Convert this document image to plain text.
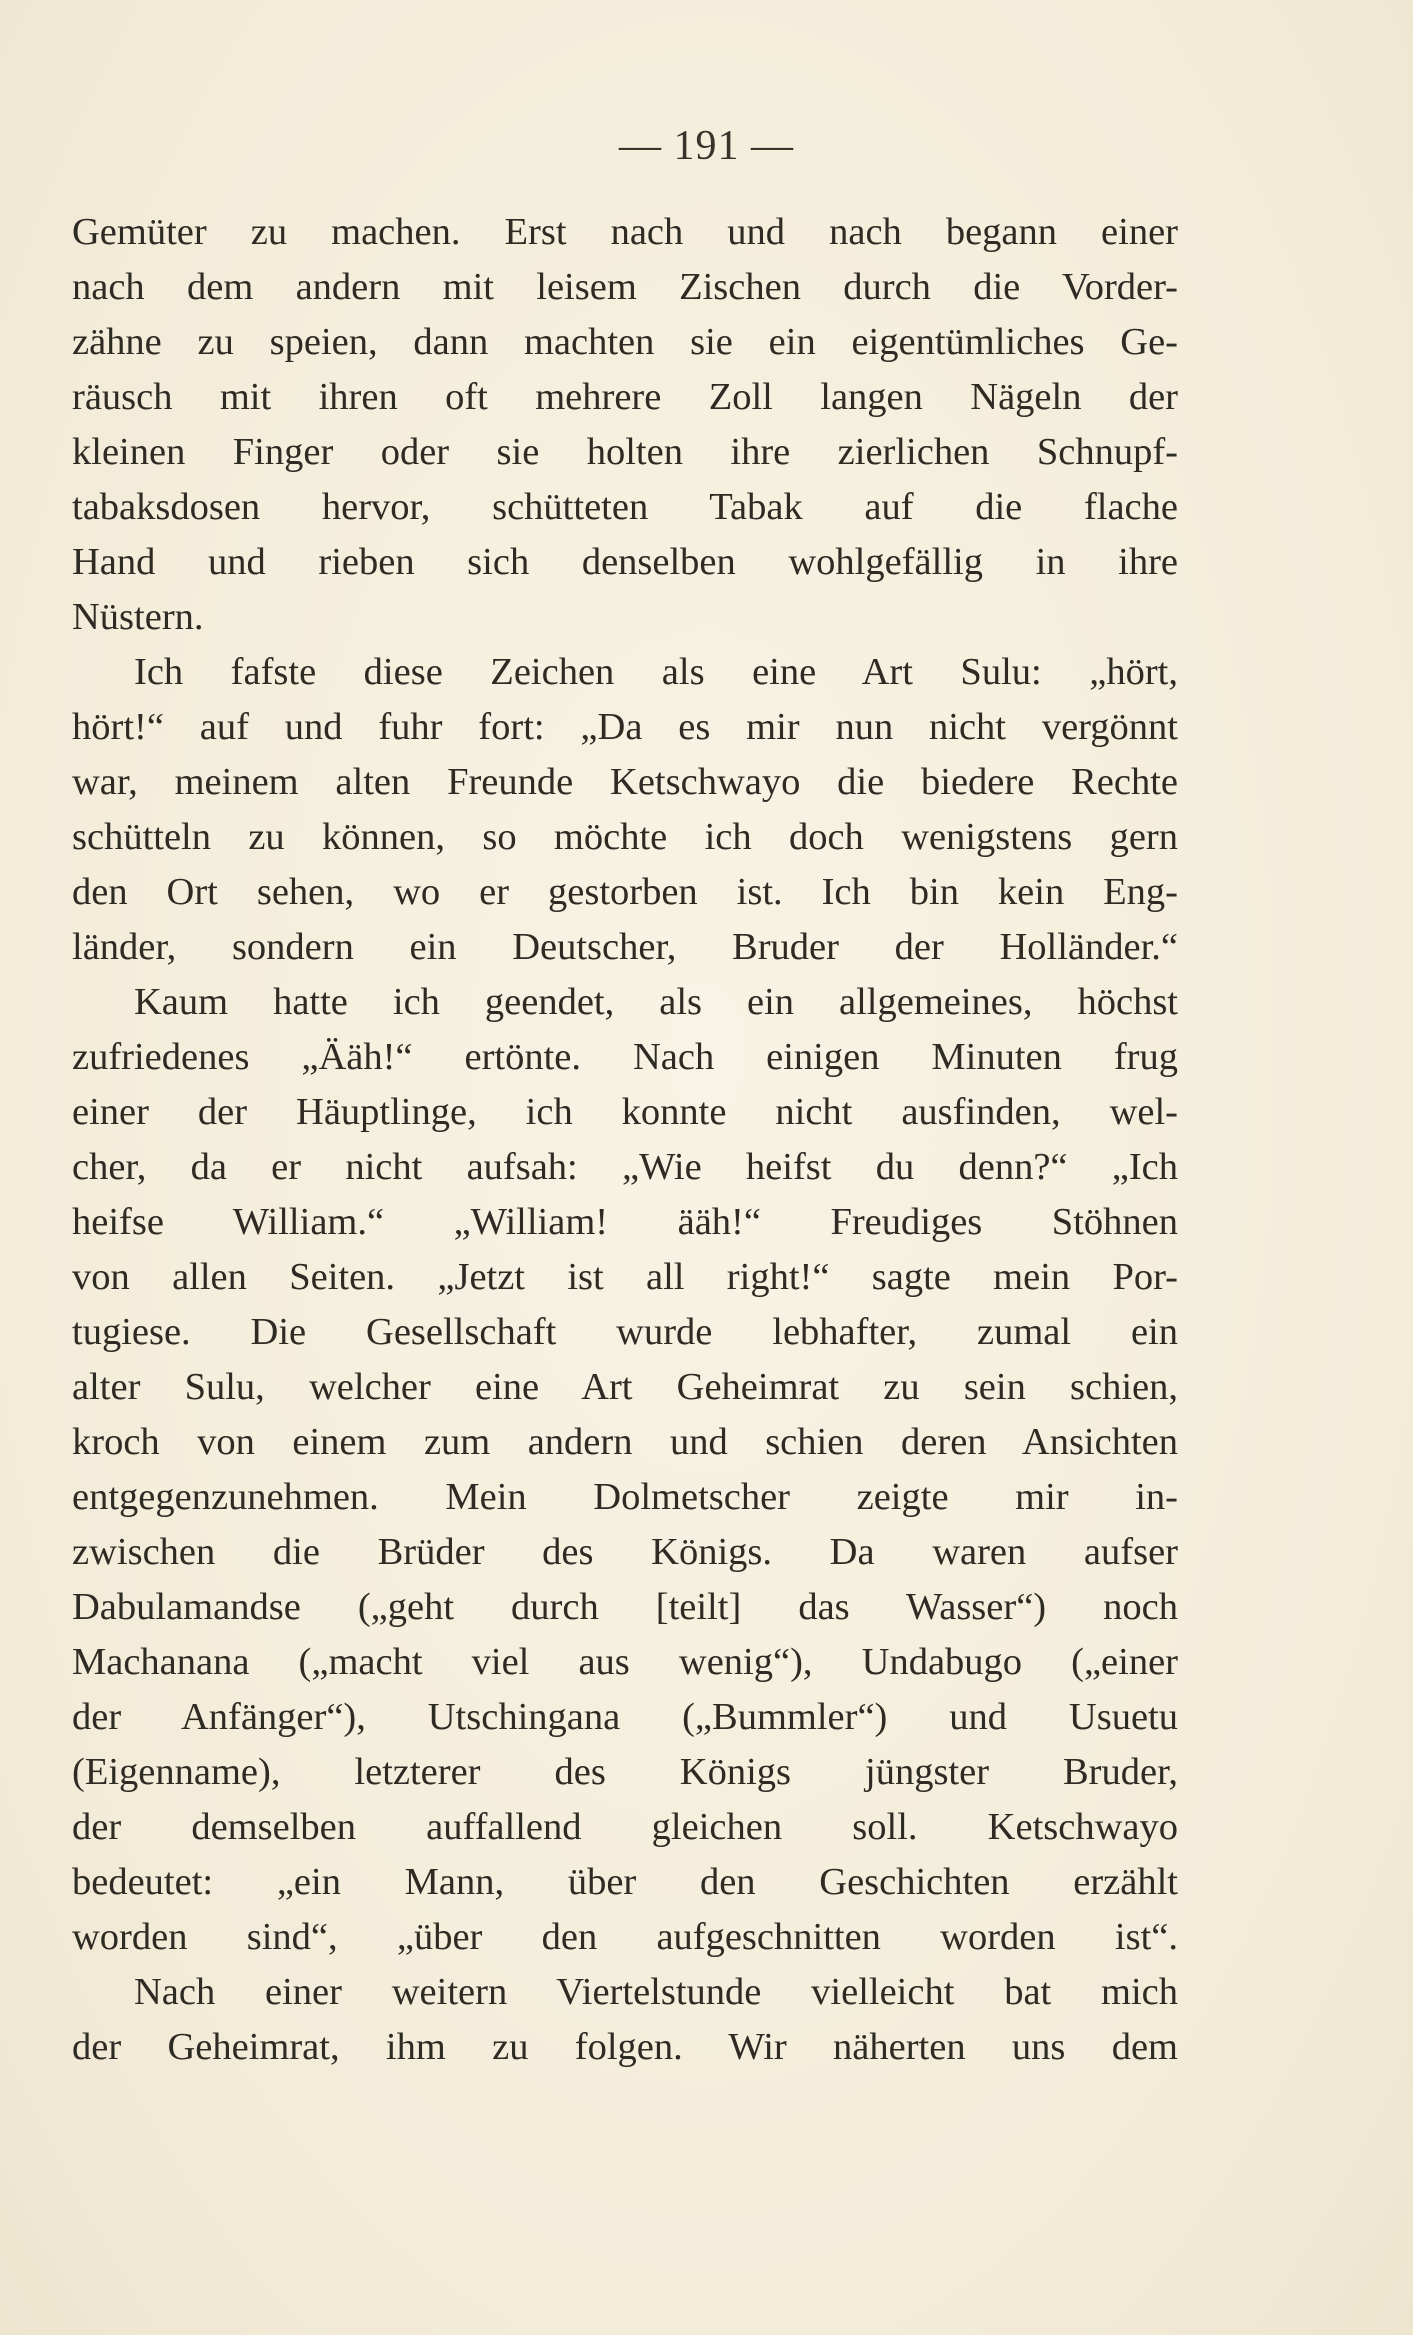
— 191 —
Gemüter zu machen. Erst nach und nach begann einer
nach dem andern mit leisem Zischen durch die Vorder-
zähne zu speien, dann machten sie ein eigentümliches Ge-
räusch mit ihren oft mehrere Zoll langen Nägeln der
kleinen Finger oder sie holten ihre zierlichen Schnupf-
tabaksdosen hervor, schütteten Tabak auf die flache
Hand und rieben sich denselben wohlgefällig in ihre
Nüstern.
Ich fafste diese Zeichen als eine Art Sulu: „hört,
hört!“ auf und fuhr fort: „Da es mir nun nicht vergönnt
war, meinem alten Freunde Ketschwayo die biedere Rechte
schütteln zu können, so möchte ich doch wenigstens gern
den Ort sehen, wo er gestorben ist. Ich bin kein Eng-
länder, sondern ein Deutscher, Bruder der Holländer.“
Kaum hatte ich geendet, als ein allgemeines, höchst
zufriedenes „Ääh!“ ertönte. Nach einigen Minuten frug
einer der Häuptlinge, ich konnte nicht ausfinden, wel-
cher, da er nicht aufsah: „Wie heifst du denn?“ „Ich
heifse William.“ „William! ääh!“ Freudiges Stöhnen
von allen Seiten. „Jetzt ist all right!“ sagte mein Por-
tugiese. Die Gesellschaft wurde lebhafter, zumal ein
alter Sulu, welcher eine Art Geheimrat zu sein schien,
kroch von einem zum andern und schien deren Ansichten
entgegenzunehmen. Mein Dolmetscher zeigte mir in-
zwischen die Brüder des Königs. Da waren aufser
Dabulamandse („geht durch [teilt] das Wasser“) noch
Machanana („macht viel aus wenig“), Undabugo („einer
der Anfänger“), Utschingana („Bummler“) und Usuetu
(Eigenname), letzterer des Königs jüngster Bruder,
der demselben auffallend gleichen soll. Ketschwayo
bedeutet: „ein Mann, über den Geschichten erzählt
worden sind“, „über den aufgeschnitten worden ist“.
Nach einer weitern Viertelstunde vielleicht bat mich
der Geheimrat, ihm zu folgen. Wir näherten uns dem
